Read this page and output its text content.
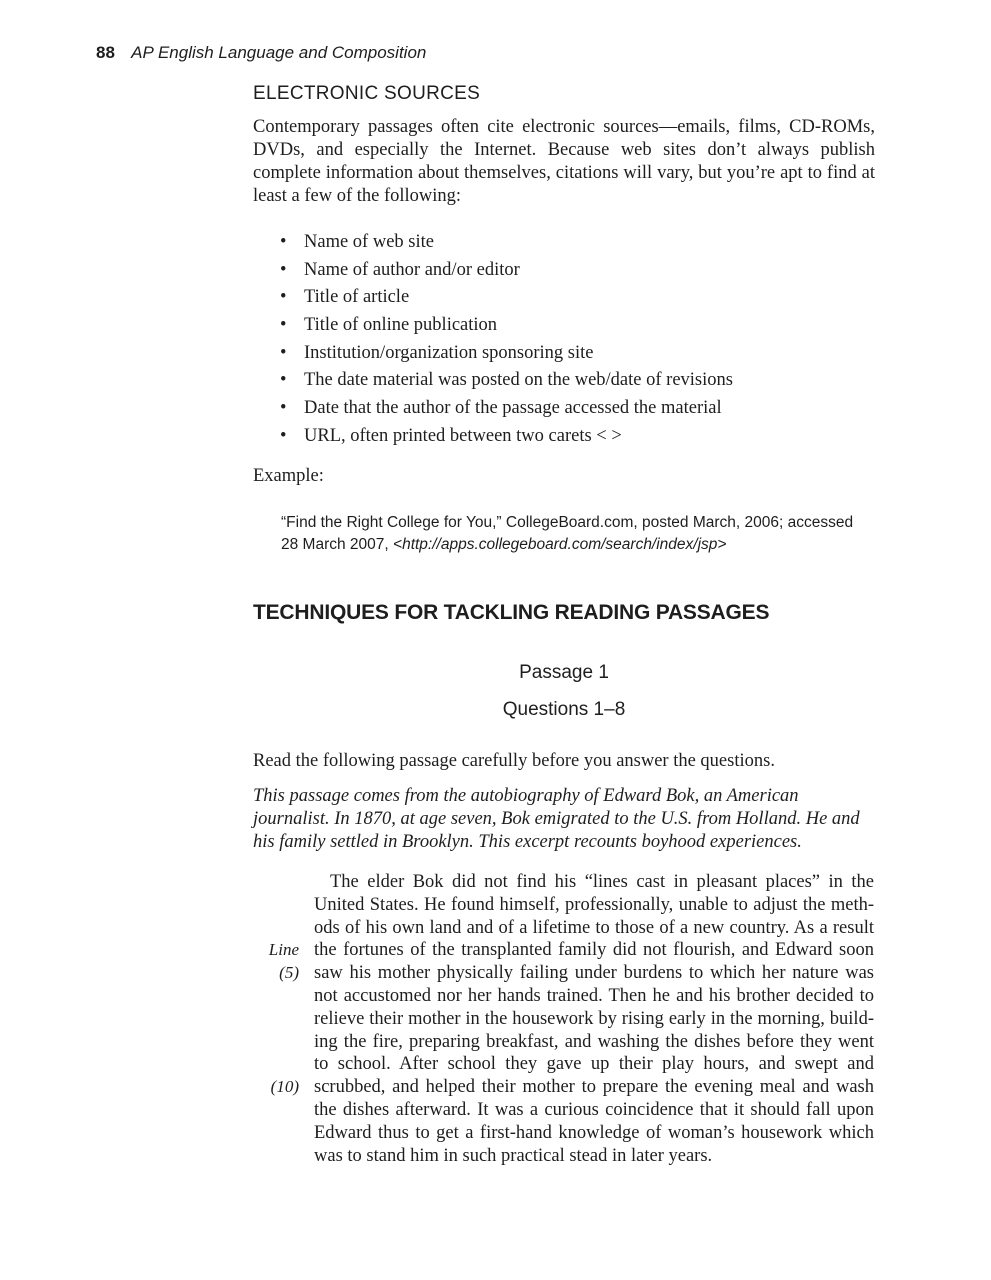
88 AP English Language and Composition
ELECTRONIC SOURCES

Contemporary passages often cite electronic sources—emails, films, CD-ROMs, DVDs, and especially the Internet. Because web sites don’t always publish complete information about themselves, citations will vary, but you’re apt to find at least a few of the following:

• Name of web site
• Name of author and/or editor
• Title of article
• Title of online publication
• Institution/organization sponsoring site
• The date material was posted on the web/date of revisions
• Date that the author of the passage accessed the material
• URL, often printed between two carets < >
Example:
“Find the Right College for You,” CollegeBoard.com, posted March, 2006; accessed 28 March 2007, <http://apps.collegeboard.com/search/index/jsp>
TECHNIQUES FOR TACKLING READING PASSAGES
Passage 1
Questions 1–8

Read the following passage carefully before you answer the questions.

This passage comes from the autobiography of Edward Bok, an American journalist. In 1870, at age seven, Bok emigrated to the U.S. from Holland. He and his family settled in Brooklyn. This excerpt recounts boyhood experiences.

Line
(5)
(10)
The elder Bok did not find his “lines cast in pleasant places” in the
United States. He found himself, professionally, unable to adjust the meth-
ods of his own land and of a lifetime to those of a new country. As a result
the fortunes of the transplanted family did not flourish, and Edward soon
saw his mother physically failing under burdens to which her nature was
not accustomed nor her hands trained. Then he and his brother decided to
relieve their mother in the housework by rising early in the morning, build-
ing the fire, preparing breakfast, and washing the dishes before they went
to school. After school they gave up their play hours, and swept and
scrubbed, and helped their mother to prepare the evening meal and wash
the dishes afterward. It was a curious coincidence that it should fall upon
Edward thus to get a first-hand knowledge of woman’s housework which
was to stand him in such practical stead in later years.
